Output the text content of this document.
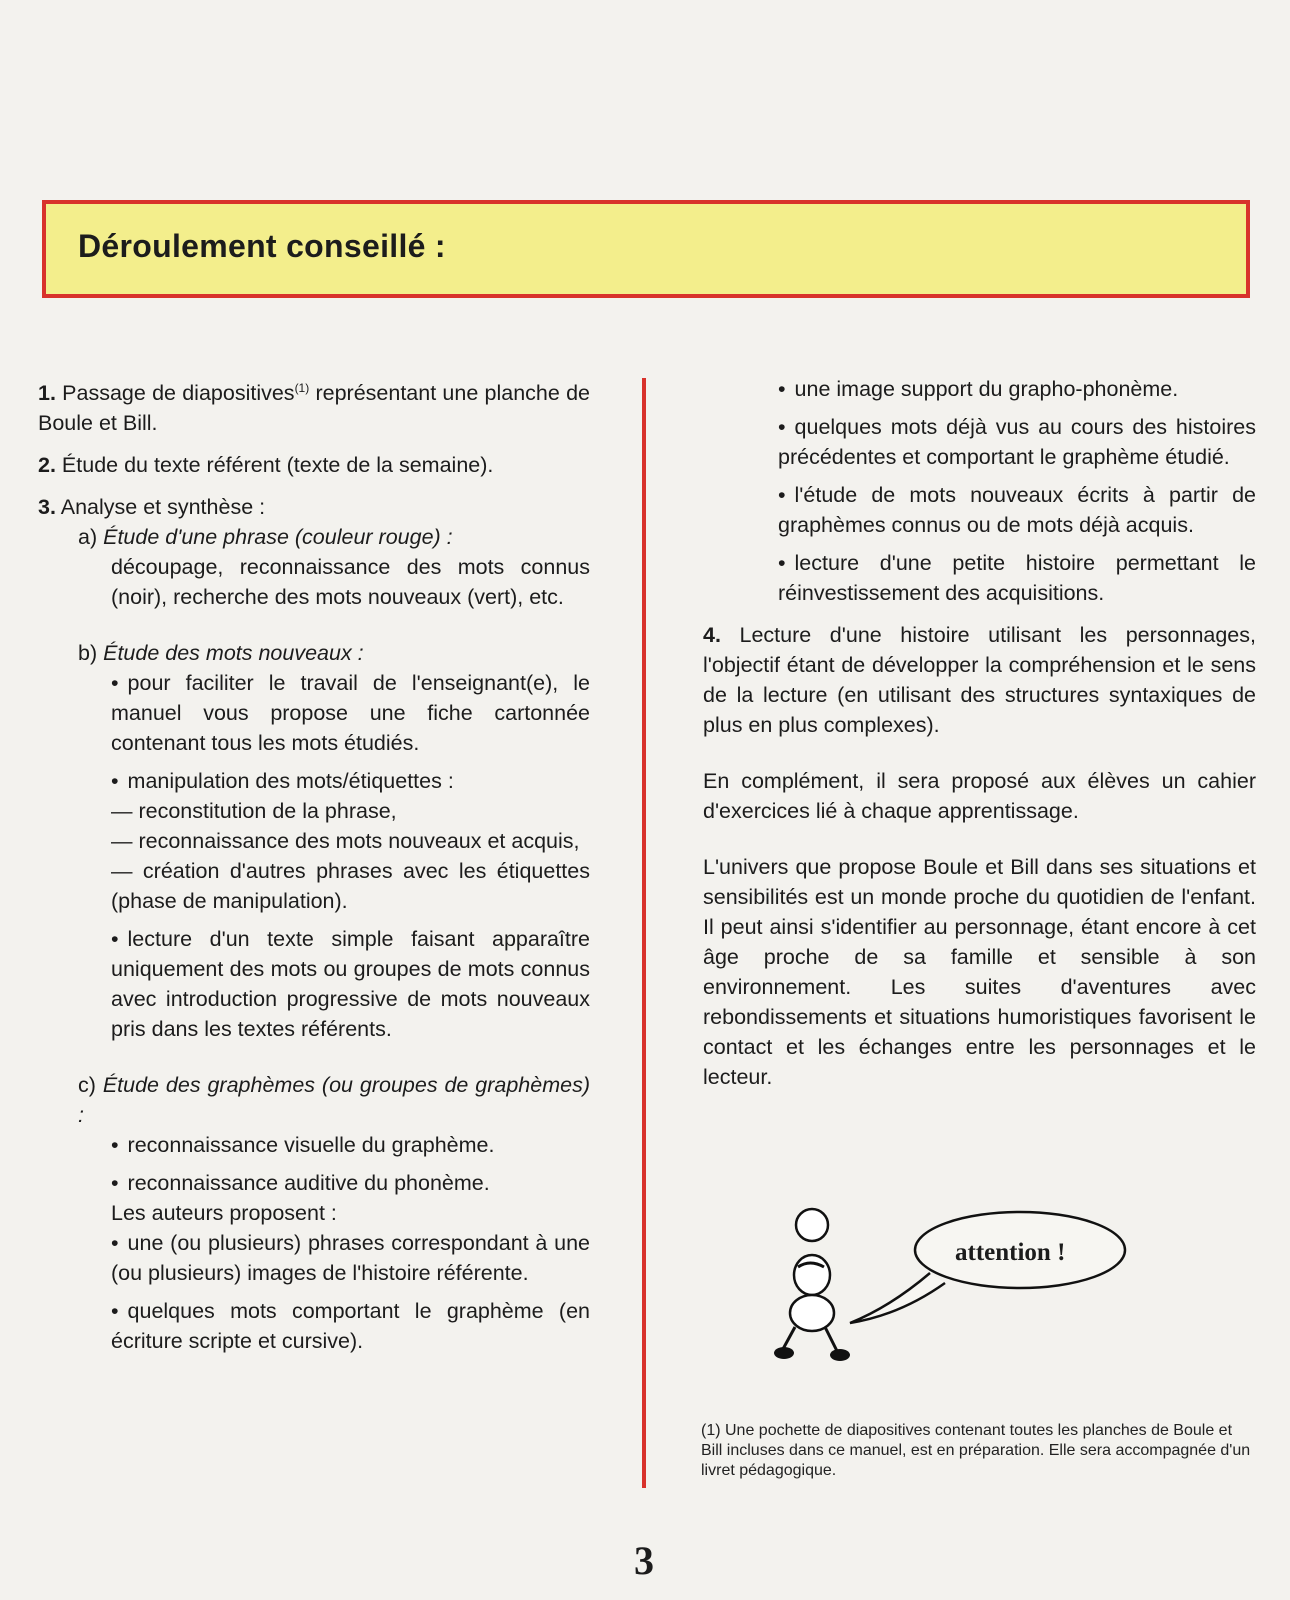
Déroulement conseillé :

1. Passage de diapositives$^{(1)}$ représentant une planche de Boule et Bill.

2. Étude du texte référent (texte de la semaine).

3. Analyse et synthèse :

a) Étude d'une phrase (couleur rouge) :

découpage, reconnaissance des mots connus (noir), recherche des mots nouveaux (vert), etc.

b) Étude des mots nouveaux :

• pour faciliter le travail de l'enseignant(e), le manuel vous propose une fiche cartonnée contenant tous les mots étudiés.

• manipulation des mots/étiquettes :

— reconstitution de la phrase,

— reconnaissance des mots nouveaux et acquis,

— création d'autres phrases avec les étiquettes (phase de manipulation).

• lecture d'un texte simple faisant apparaître uniquement des mots ou groupes de mots connus avec introduction progressive de mots nouveaux pris dans les textes référents.

c) Étude des graphèmes (ou groupes de graphèmes) :

• reconnaissance visuelle du graphème.

• reconnaissance auditive du phonème.

Les auteurs proposent :

• une (ou plusieurs) phrases correspondant à une (ou plusieurs) images de l'histoire référente.

• quelques mots comportant le graphème (en écriture scripte et cursive).

• une image support du grapho-phonème.

• quelques mots déjà vus au cours des histoires précédentes et comportant le graphème étudié.

• l'étude de mots nouveaux écrits à partir de graphèmes connus ou de mots déjà acquis.

• lecture d'une petite histoire permettant le réinvestissement des acquisitions.

4. Lecture d'une histoire utilisant les personnages, l'objectif étant de développer la compréhension et le sens de la lecture (en utilisant des structures syntaxiques de plus en plus complexes).

En complément, il sera proposé aux élèves un cahier d'exercices lié à chaque apprentissage.

L'univers que propose Boule et Bill dans ses situations et sensibilités est un monde proche du quotidien de l'enfant. Il peut ainsi s'identifier au personnage, étant encore à cet âge proche de sa famille et sensible à son environnement. Les suites d'aventures avec rebondissements et situations humoristiques favorisent le contact et les échanges entre les personnages et le lecteur.

attention !
(1) Une pochette de diapositives contenant toutes les planches de Boule et Bill incluses dans ce manuel, est en préparation. Elle sera accompagnée d'un livret pédagogique.
3
